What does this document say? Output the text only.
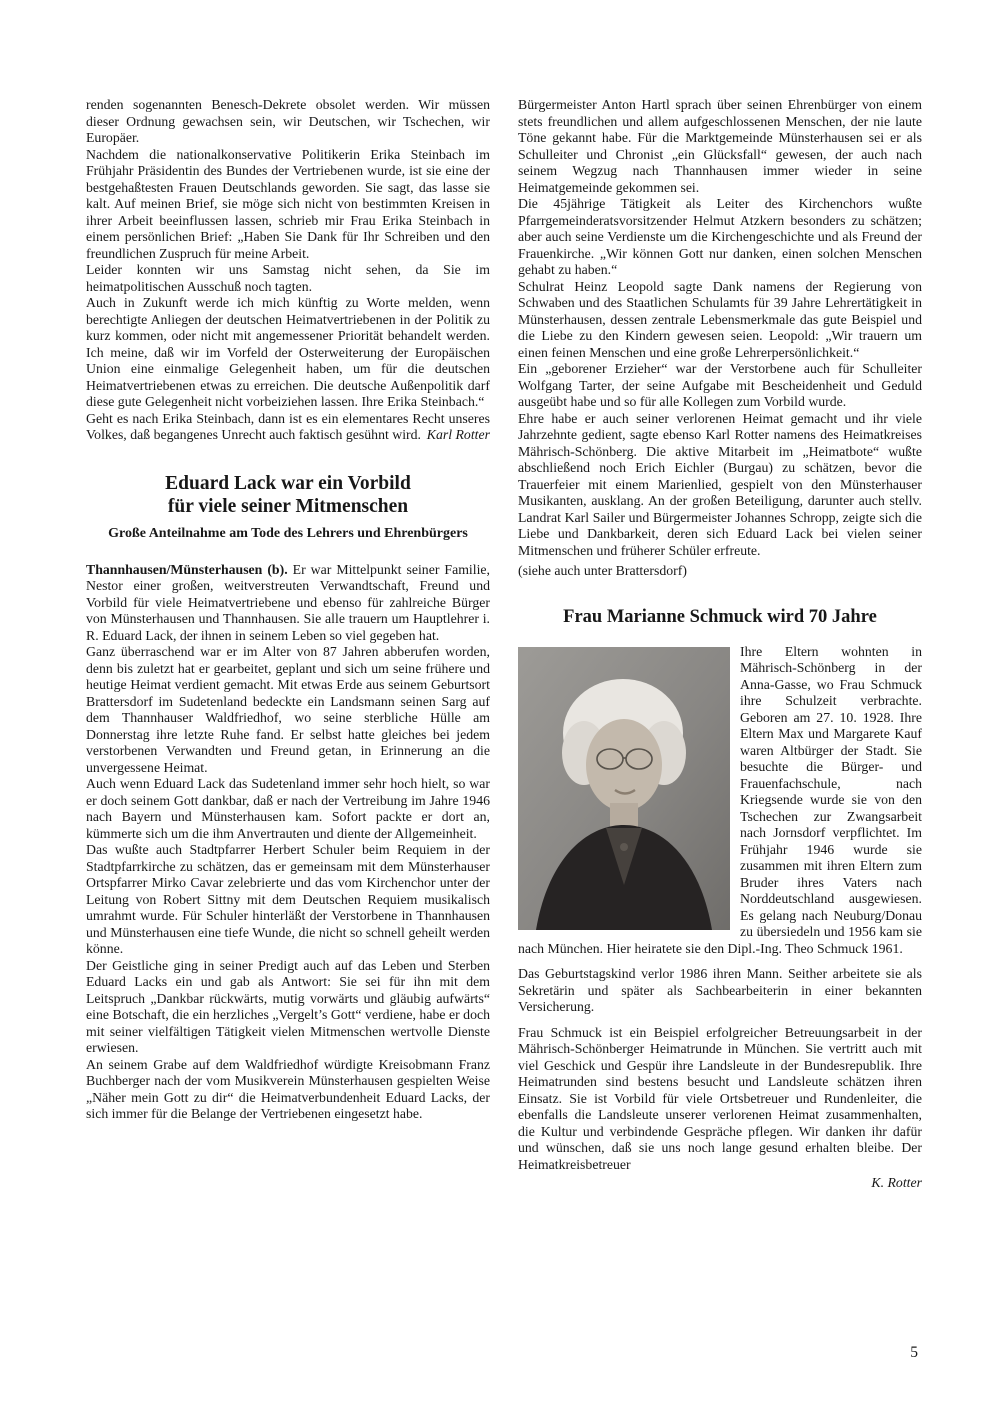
renden sogenannten Benesch-Dekrete obsolet werden. Wir müssen dieser Ordnung gewachsen sein, wir Deutschen, wir Tschechen, wir Europäer.

Nachdem die nationalkonservative Politikerin Erika Steinbach im Frühjahr Präsidentin des Bundes der Vertriebenen wurde, ist sie eine der bestgehaßtesten Frauen Deutschlands geworden. Sie sagt, das lasse sie kalt. Auf meinen Brief, sie möge sich nicht von bestimmten Kreisen in ihrer Arbeit beeinflussen lassen, schrieb mir Frau Erika Steinbach in einem persönlichen Brief: „Haben Sie Dank für Ihr Schreiben und den freundlichen Zuspruch für meine Arbeit.

Leider konnten wir uns Samstag nicht sehen, da Sie im heimatpolitischen Ausschuß noch tagten.

Auch in Zukunft werde ich mich künftig zu Worte melden, wenn berechtigte Anliegen der deutschen Heimatvertriebenen in der Politik zu kurz kommen, oder nicht mit angemessener Priorität behandelt werden. Ich meine, daß wir im Vorfeld der Osterweiterung der Europäischen Union eine einmalige Gelegenheit haben, um für die deutschen Heimatvertriebenen etwas zu erreichen. Die deutsche Außenpolitik darf diese gute Gelegenheit nicht vorbeiziehen lassen. Ihre Erika Steinbach.“

Geht es nach Erika Steinbach, dann ist es ein elementares Recht unseres Volkes, daß begangenes Unrecht auch faktisch gesühnt wird. Karl Rotter

Eduard Lack war ein Vorbild
für viele seiner Mitmenschen

Große Anteilnahme am Tode des Lehrers und Ehrenbürgers

Thannhausen/Münsterhausen (b). Er war Mittelpunkt seiner Familie, Nestor einer großen, weitverstreuten Verwandtschaft, Freund und Vorbild für viele Heimatvertriebene und ebenso für zahlreiche Bürger von Münsterhausen und Thannhausen. Sie alle trauern um Hauptlehrer i. R. Eduard Lack, der ihnen in seinem Leben so viel gegeben hat.

Ganz überraschend war er im Alter von 87 Jahren abberufen worden, denn bis zuletzt hat er gearbeitet, geplant und sich um seine frühere und heutige Heimat verdient gemacht. Mit etwas Erde aus seinem Geburtsort Brattersdorf im Sudetenland bedeckte ein Landsmann seinen Sarg auf dem Thannhauser Waldfriedhof, wo seine sterbliche Hülle am Donnerstag ihre letzte Ruhe fand. Er selbst hatte gleiches bei jedem verstorbenen Verwandten und Freund getan, in Erinnerung an die unvergessene Heimat.

Auch wenn Eduard Lack das Sudetenland immer sehr hoch hielt, so war er doch seinem Gott dankbar, daß er nach der Vertreibung im Jahre 1946 nach Bayern und Münsterhausen kam. Sofort packte er dort an, kümmerte sich um die ihm Anvertrauten und diente der Allgemeinheit.

Das wußte auch Stadtpfarrer Herbert Schuler beim Requiem in der Stadtpfarrkirche zu schätzen, das er gemeinsam mit dem Münsterhauser Ortspfarrer Mirko Cavar zelebrierte und das vom Kirchenchor unter der Leitung von Robert Sittny mit dem Deutschen Requiem musikalisch umrahmt wurde. Für Schuler hinterläßt der Verstorbene in Thannhausen und Münsterhausen eine tiefe Wunde, die nicht so schnell geheilt werden könne.

Der Geistliche ging in seiner Predigt auch auf das Leben und Sterben Eduard Lacks ein und gab als Antwort: Sie sei für ihn mit dem Leitspruch „Dankbar rückwärts, mutig vorwärts und gläubig aufwärts“ eine Botschaft, die ein herzliches „Vergelt’s Gott“ verdiene, habe er doch mit seiner vielfältigen Tätigkeit vielen Mitmenschen wertvolle Dienste erwiesen.

An seinem Grabe auf dem Waldfriedhof würdigte Kreisobmann Franz Buchberger nach der vom Musikverein Münsterhausen gespielten Weise „Näher mein Gott zu dir“ die Heimatverbundenheit Eduard Lacks, der sich immer für die Belange der Vertriebenen eingesetzt habe.

Bürgermeister Anton Hartl sprach über seinen Ehrenbürger von einem stets freundlichen und allem aufgeschlossenen Menschen, der nie laute Töne gekannt habe. Für die Marktgemeinde Münsterhausen sei er als Schulleiter und Chronist „ein Glücksfall“ gewesen, der auch nach seinem Wegzug nach Thannhausen immer wieder in seine Heimatgemeinde gekommen sei.

Die 45jährige Tätigkeit als Leiter des Kirchenchors wußte Pfarrgemeinderatsvorsitzender Helmut Atzkern besonders zu schätzen; aber auch seine Verdienste um die Kirchengeschichte und als Freund der Frauenkirche. „Wir können Gott nur danken, einen solchen Menschen gehabt zu haben.“

Schulrat Heinz Leopold sagte Dank namens der Regierung von Schwaben und des Staatlichen Schulamts für 39 Jahre Lehrertätigkeit in Münsterhausen, dessen zentrale Lebensmerkmale das gute Beispiel und die Liebe zu den Kindern gewesen seien. Leopold: „Wir trauern um einen feinen Menschen und eine große Lehrerpersönlichkeit.“

Ein „geborener Erzieher“ war der Verstorbene auch für Schulleiter Wolfgang Tarter, der seine Aufgabe mit Bescheidenheit und Geduld ausgeübt habe und so für alle Kollegen zum Vorbild wurde.

Ehre habe er auch seiner verlorenen Heimat gemacht und ihr viele Jahrzehnte gedient, sagte ebenso Karl Rotter namens des Heimatkreises Mährisch-Schönberg. Die aktive Mitarbeit im „Heimatbote“ wußte abschließend noch Erich Eichler (Burgau) zu schätzen, bevor die Trauerfeier mit einem Marienlied, gespielt von den Münsterhauser Musikanten, ausklang. An der großen Beteiligung, darunter auch stellv. Landrat Karl Sailer und Bürgermeister Johannes Schropp, zeigte sich die Liebe und Dankbarkeit, deren sich Eduard Lack bei vielen seiner Mitmenschen und früherer Schüler erfreute.

(siehe auch unter Brattersdorf)

Frau Marianne Schmuck wird 70 Jahre

Ihre Eltern wohnten in Mährisch-Schönberg in der Anna-Gasse, wo Frau Schmuck ihre Schulzeit verbrachte. Geboren am 27. 10. 1928. Ihre Eltern Max und Margarete Kauf waren Altbürger der Stadt. Sie besuchte die Bürger- und Frauenfachschule, nach Kriegsende wurde sie von den Tschechen zur Zwangsarbeit nach Jornsdorf verpflichtet. Im Frühjahr 1946 wurde sie zusammen mit ihren Eltern zum Bruder ihres Vaters nach Norddeutschland ausgewiesen. Es gelang nach Neuburg/Donau zu übersiedeln und 1956 kam sie nach München. Hier heiratete sie den Dipl.-Ing. Theo Schmuck 1961.

Das Geburtstagskind verlor 1986 ihren Mann. Seither arbeitete sie als Sekretärin und später als Sachbearbeiterin in einer bekannten Versicherung.

Frau Schmuck ist ein Beispiel erfolgreicher Betreuungsarbeit in der Mährisch-Schönberger Heimatrunde in München. Sie vertritt auch mit viel Geschick und Gespür ihre Landsleute in der Bundesrepublik. Ihre Heimatrunden sind bestens besucht und Landsleute schätzen ihren Einsatz. Sie ist Vorbild für viele Ortsbetreuer und Rundenleiter, die ebenfalls die Landsleute unserer verlorenen Heimat zusammenhalten, die Kultur und verbindende Gespräche pflegen. Wir danken ihr dafür und wünschen, daß sie uns noch lange gesund erhalten bleibe. Der Heimatkreisbetreuer

K. Rotter

5
